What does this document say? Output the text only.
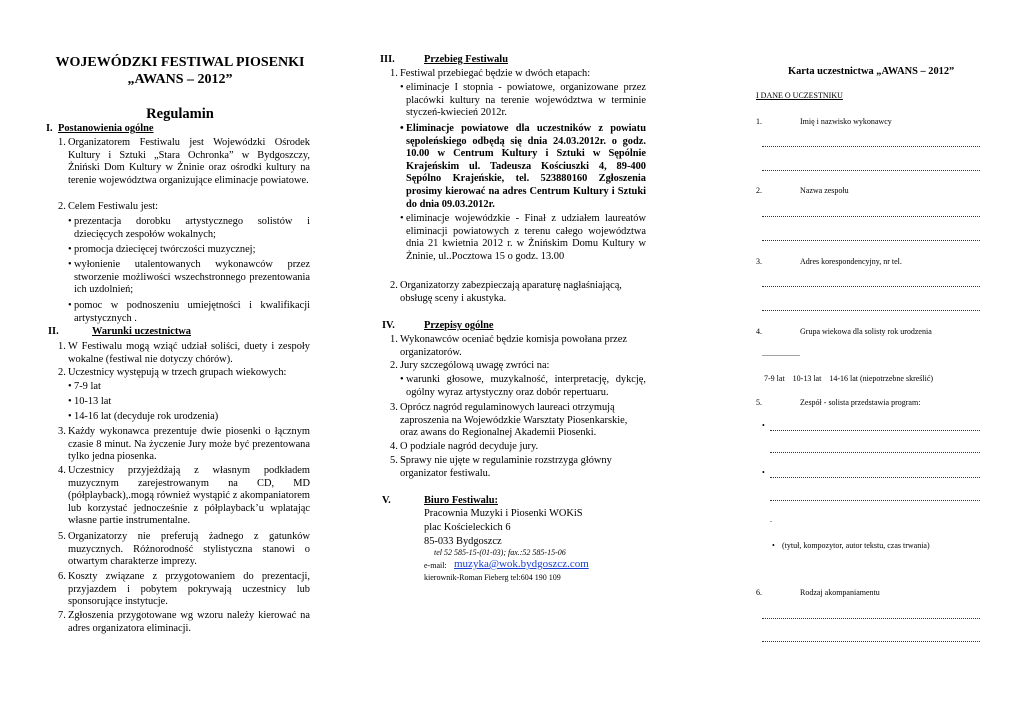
WOJEWÓDZKI FESTIWAL PIOSENKI
„AWANS – 2012”
Regulamin
I. Postanowienia ogólne
1. Organizatorem Festiwalu jest Wojewódzki Ośrodek Kultury i Sztuki „Stara Ochronka” w Bydgoszczy, Żniński Dom Kultury w Żninie oraz ośrodki kultury na terenie województwa organizujące eliminacje powiatowe.
2. Celem Festiwalu jest:
• prezentacja dorobku artystycznego solistów i dziecięcych zespołów wokalnych;
• promocja dziecięcej twórczości muzycznej;
• wyłonienie utalentowanych wykonawców przez stworzenie możliwości wszechstronnego prezentowania ich uzdolnień;
• pomoc w podnoszeniu umiejętności i kwalifikacji artystycznych .
II.	Warunki uczestnictwa
1. W Festiwalu mogą wziąć udział soliści, duety i zespoły wokalne (festiwal nie dotyczy chórów).
2. Uczestnicy występują w trzech grupach wiekowych:
• 7-9 lat
• 10-13 lat
• 14-16 lat (decyduje rok urodzenia)
3. Każdy wykonawca prezentuje dwie piosenki o łącznym czasie 8 minut. Na życzenie Jury może być prezentowana tylko jedna piosenka.
4. Uczestnicy przyjeżdżają z własnym podkładem muzycznym zarejestrowanym na CD, MD (półplayback),.mogą również wystąpić z akompaniatorem lub korzystać jednocześnie z półplayback’u wplatając własne partie instrumentalne.
5. Organizatorzy nie preferują żadnego z gatunków muzycznych. Różnorodność stylistyczna stanowi o otwartym charakterze imprezy.
6. Koszty związane z przygotowaniem do prezentacji, przyjazdem i pobytem pokrywają uczestnicy lub sponsorujące instytucje.
7. Zgłoszenia przygotowane wg wzoru należy kierować na adres organizatora eliminacji.
III.	Przebieg Festiwalu
1. Festiwal przebiegać będzie w dwóch etapach:
• eliminacje I stopnia - powiatowe, organizowane przez placówki kultury na terenie województwa w terminie styczeń-kwiecień 2012r.
• Eliminacje powiatowe dla uczestników z powiatu sępoleńskiego odbędą się dnia 24.03.2012r. o godz. 10.00 w Centrum Kultury i Sztuki w Sępólnie Krajeńskim ul. Tadeusza Kościuszki 4, 89-400 Sępólno Krajeńskie, tel. 523880160 Zgłoszenia prosimy kierować na adres Centrum Kultury i Sztuki do dnia 09.03.2012r.
• eliminacje wojewódzkie - Finał z udziałem laureatów eliminacji powiatowych z terenu całego województwa dnia 21 kwietnia 2012 r. w Żnińskim Domu Kultury w Żninie, ul..Pocztowa 15 o godz. 13.00
2. Organizatorzy zabezpieczają aparaturę nagłaśniającą, obsługę sceny i akustyka.
IV.	Przepisy ogólne
1. Wykonawców oceniać będzie komisja powołana przez organizatorów.
2. Jury szczególową uwagę zwróci na:
• warunki głosowe, muzykalność, interpretację, dykcję, ogólny wyraz artystyczny oraz dobór repertuaru.
3. Oprócz nagród regulaminowych laureaci otrzymują zaproszenia na Wojewódzkie Warsztaty Piosenkarskie, oraz awans do Regionalnej Akademii Piosenki.
4. O podziale nagród decyduje jury.
5. Sprawy nie ujęte w regulaminie rozstrzyga główny organizator festiwalu.
V.	Biuro Festiwalu:
Pracownia Muzyki i Piosenki WOKiS
plac Kościeleckich 6
85-033 Bydgoszcz
tel 52 585-15-(01-03); fax.:52 585-15-06
e-mail: muzyka@wok.bydgoszcz.com
kierownik-Roman Fieberg tel:604 190 109
Karta uczestnictwa „AWANS – 2012”
I DANE O UCZESTNIKU
1.	Imię i nazwisko wykonawcy
2.	Nazwa zespołu
3.	Adres korespondencyjny, nr tel.
4.	Grupa wiekowa dla solisty rok urodzenia
...................
7-9 lat    10-13 lat    14-16 lat (niepotrzebne skreślić)
5.	Zespół - solista przedstawia program:
•
•
.
• (tytuł, kompozytor, autor tekstu, czas trwania)
6.	Rodzaj akompaniamentu
